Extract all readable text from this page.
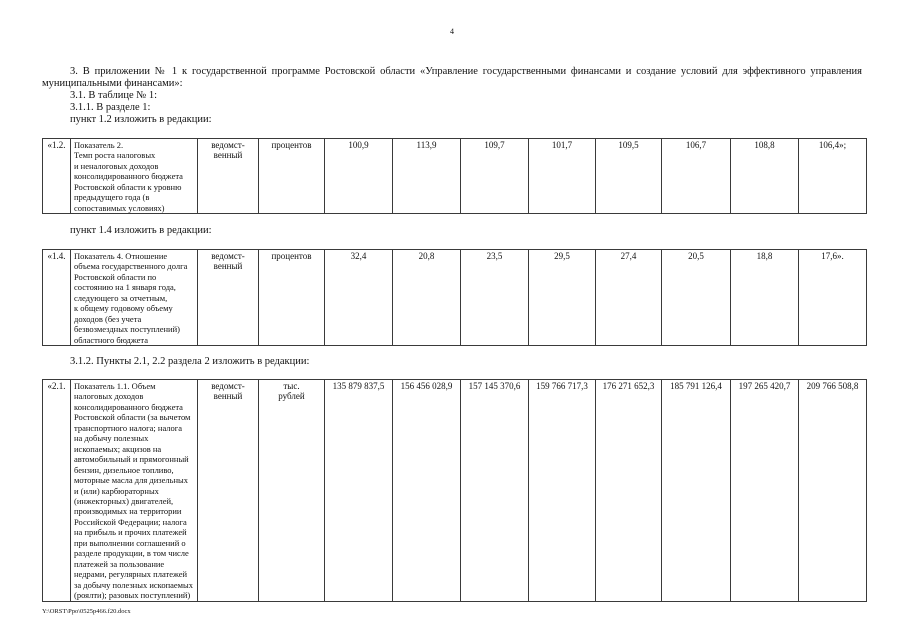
4
3. В приложении № 1 к государственной программе Ростовской области «Управление государственными финансами и создание условий для эффективного управления
муниципальными финансами»:
3.1. В таблице № 1:
3.1.1. В разделе 1:
пункт 1.2 изложить в редакции:
«1.2.	Показатель 2.
Темп роста налоговых
и неналоговых доходов
консолидированного бюджета
Ростовской области к уровню
предыдущего года (в
сопоставимых условиях)	ведомст-
венный	процентов	100,9	113,9	109,7	101,7	109,5	106,7	108,8	106,4»;
пункт 1.4 изложить в редакции:
«1.4.	Показатель 4. Отношение
объема государственного долга
Ростовской области по
состоянию на 1 января года,
следующего за отчетным,
к общему годовому объему
доходов (без учета
безвозмездных поступлений)
областного бюджета	ведомст-
венный	процентов	32,4	20,8	23,5	29,5	27,4	20,5	18,8	17,6».
3.1.2. Пункты 2.1, 2.2 раздела 2 изложить в редакции:
«2.1.	Показатель 1.1. Объем
налоговых доходов
консолидированного бюджета
Ростовской области (за вычетом
транспортного налога; налога
на добычу полезных
ископаемых; акцизов на
автомобильный и прямогонный
бензин, дизельное топливо,
моторные масла для дизельных
и (или) карбюраторных
(инжекторных) двигателей,
производимых на территории
Российской Федерации; налога
на прибыль и прочих платежей
при выполнении соглашений о
разделе продукции, в том числе
платежей за пользование
недрами, регулярных платежей
за добычу полезных ископаемых
(роялти); разовых поступлений)	ведомст-
венный	тыс.
рублей	135 879 837,5	156 456 028,9	157 145 370,6	159 766 717,3	176 271 652,3	185 791 126,4	197 265 420,7	209 766 508,8
Y:\ORST\Ppo\0525p466.f20.docx
